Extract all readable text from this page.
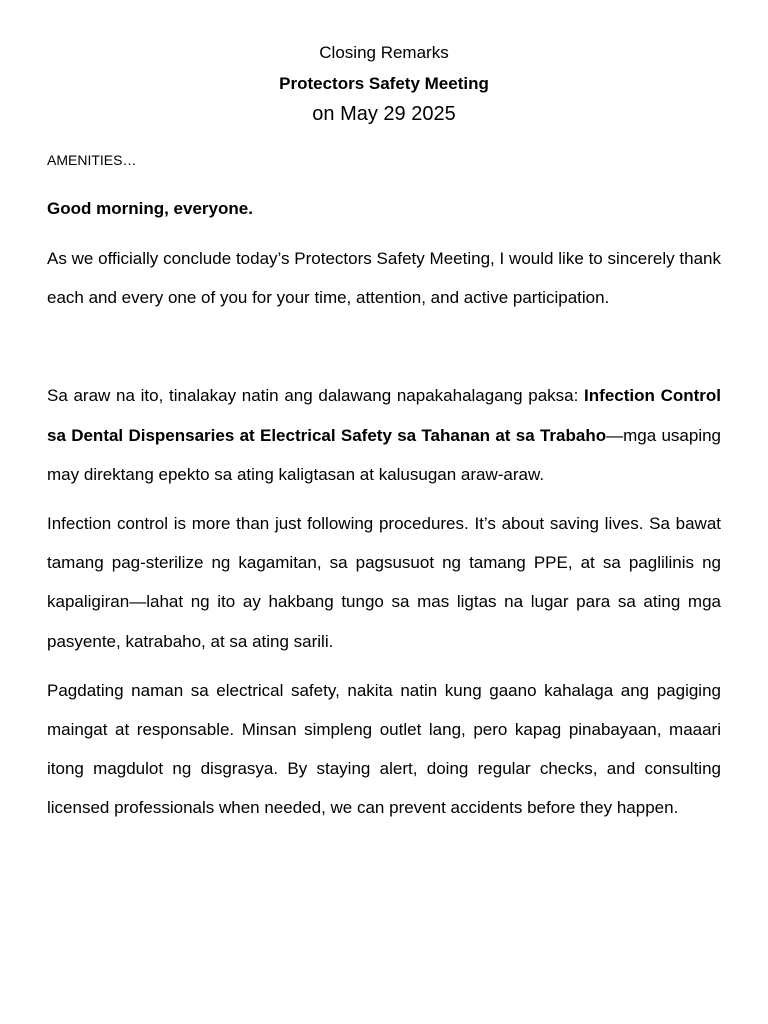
Closing Remarks
Protectors Safety Meeting
on May 29 2025
AMENITIES…
Good morning, everyone.

As we officially conclude today’s Protectors Safety Meeting, I would like to sincerely thank each and every one of you for your time, attention, and active participation.

Sa araw na ito, tinalakay natin ang dalawang napakahalagang paksa: Infection Control sa Dental Dispensaries at Electrical Safety sa Tahanan at sa Trabaho—mga usaping may direktang epekto sa ating kaligtasan at kalusugan araw-araw.

Infection control is more than just following procedures. It’s about saving lives. Sa bawat tamang pag-sterilize ng kagamitan, sa pagsusuot ng tamang PPE, at sa paglilinis ng kapaligiran—lahat ng ito ay hakbang tungo sa mas ligtas na lugar para sa ating mga pasyente, katrabaho, at sa ating sarili.

Pagdating naman sa electrical safety, nakita natin kung gaano kahalaga ang pagiging maingat at responsable. Minsan simpleng outlet lang, pero kapag pinabayaan, maaari itong magdulot ng disgrasya. By staying alert, doing regular checks, and consulting licensed professionals when needed, we can prevent accidents before they happen.
